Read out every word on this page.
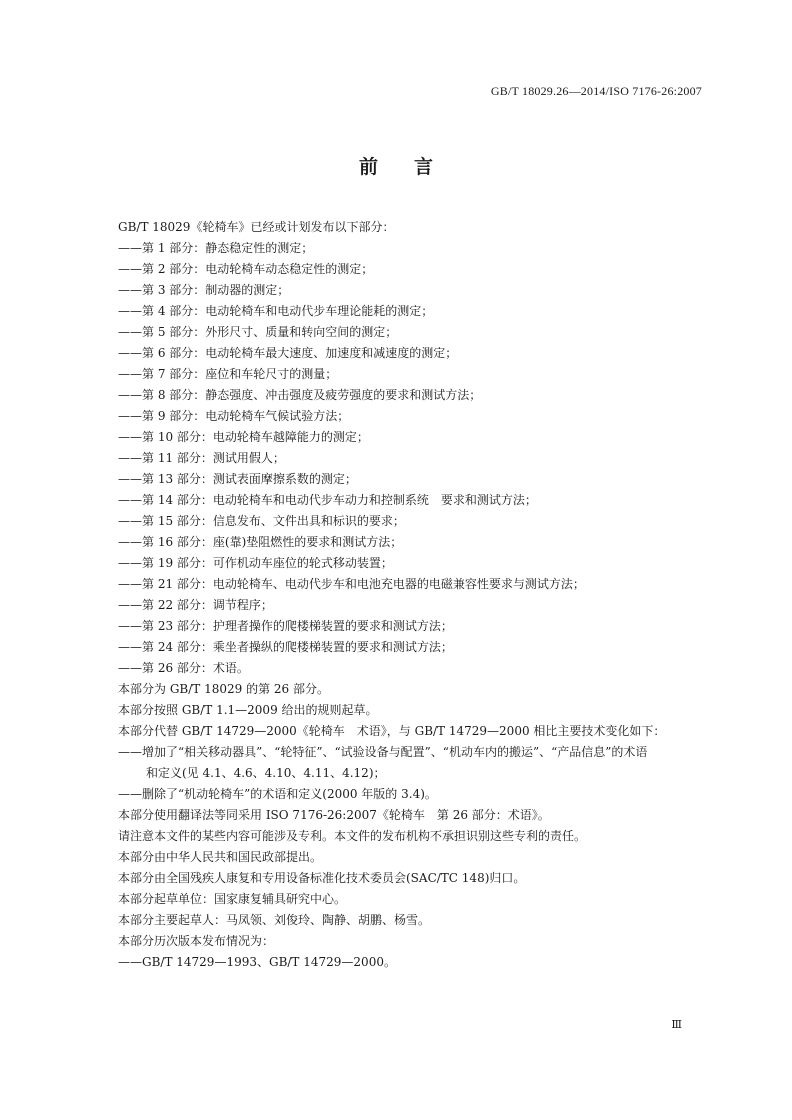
GB/T 18029.26—2014/ISO 7176-26:2007
前言

GB/T 18029《轮椅车》已经或计划发布以下部分：

——第 1 部分：静态稳定性的测定；

——第 2 部分：电动轮椅车动态稳定性的测定；

——第 3 部分：制动器的测定；

——第 4 部分：电动轮椅车和电动代步车理论能耗的测定；

——第 5 部分：外形尺寸、质量和转向空间的测定；

——第 6 部分：电动轮椅车最大速度、加速度和减速度的测定；

——第 7 部分：座位和车轮尺寸的测量；

——第 8 部分：静态强度、冲击强度及疲劳强度的要求和测试方法；

——第 9 部分：电动轮椅车气候试验方法；

——第 10 部分：电动轮椅车越障能力的测定；

——第 11 部分：测试用假人；

——第 13 部分：测试表面摩擦系数的测定；

——第 14 部分：电动轮椅车和电动代步车动力和控制系统　要求和测试方法；

——第 15 部分：信息发布、文件出具和标识的要求；

——第 16 部分：座(靠)垫阻燃性的要求和测试方法；

——第 19 部分：可作机动车座位的轮式移动装置；

——第 21 部分：电动轮椅车、电动代步车和电池充电器的电磁兼容性要求与测试方法；

——第 22 部分：调节程序；

——第 23 部分：护理者操作的爬楼梯装置的要求和测试方法；

——第 24 部分：乘坐者操纵的爬楼梯装置的要求和测试方法；

——第 26 部分：术语。

本部分为 GB/T 18029 的第 26 部分。

本部分按照 GB/T 1.1—2009 给出的规则起草。

本部分代替 GB/T 14729—2000《轮椅车　术语》，与 GB/T 14729—2000 相比主要技术变化如下：

——增加了“相关移动器具”、“轮特征”、“试验设备与配置”、“机动车内的搬运”、“产品信息”的术语

和定义(见 4.1、4.6、4.10、4.11、4.12)；

——删除了“机动轮椅车”的术语和定义(2000 年版的 3.4)。

本部分使用翻译法等同采用 ISO 7176-26:2007《轮椅车　第 26 部分：术语》。

请注意本文件的某些内容可能涉及专利。本文件的发布机构不承担识别这些专利的责任。

本部分由中华人民共和国民政部提出。

本部分由全国残疾人康复和专用设备标准化技术委员会(SAC/TC 148)归口。

本部分起草单位：国家康复辅具研究中心。

本部分主要起草人：马凤领、刘俊玲、陶静、胡鹏、杨雪。

本部分历次版本发布情况为：

——GB/T 14729—1993、GB/T 14729—2000。

Ⅲ
